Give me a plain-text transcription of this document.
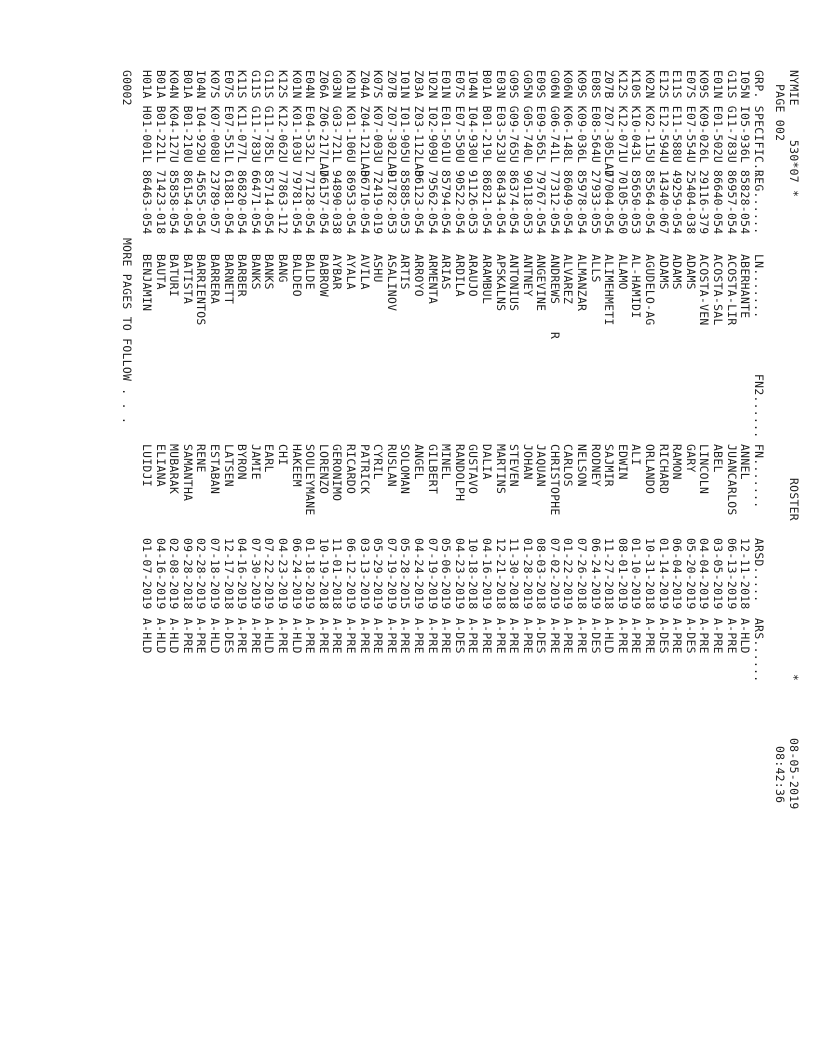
NYMIE

530*07 *

ROSTER

*

08-05-2019

PAGE 002

08:42:36

GRP. SPECIFIC..

REG......

LN.......

FN2......

FN.......

ARSD.....

ARS......

I05N I05-936L
85828-054
ABERHANTE
ANNEL
12-11-2018
A-HLD
G11S G11-783U
86957-054
ACOSTA-LIR
JUANCARLOS
06-13-2019
A-PRE
E01N E01-502U
86640-054
ACOSTA-SAL
ABEL
03-05-2019
A-PRE
K09S K09-026L
29116-379
ACOSTA-VEN
LINCOLN
04-04-2019
A-PRE
E07S E07-554U
25404-038
ADAMS
GARY
05-20-2019
A-DES
E11S E11-588U
49259-054
ADAMS
RAMON
06-04-2019
A-PRE
E12S E12-594U
14340-067
ADAMS
RICHARD
01-14-2019
A-DES
K02N K02-115U
85564-054
AGUDELO-AG
ORLANDO
10-31-2018
A-PRE
K10S K10-043L
85650-053
AL-HAMIDI
ALI
01-10-2019
A-PRE
K12S K12-071U
70105-050
ALAMO
EDWIN
08-01-2019
A-PRE
Z07B Z07-305LAD
77004-054
ALIMEHMETI
SAJMIR
11-27-2018
A-HLD
E08S E08-564U
27933-055
ALLS
RODNEY
06-24-2019
A-DES
K09S K09-036L
85978-054
ALMANZAR
NELSON
07-26-2018
A-PRE
K06N K06-148L
86049-054
ALVAREZ
CARLOS
01-22-2019
A-PRE
G06N G06-741L
77312-054
ANDREWS
CHRISTOPHE
07-02-2019
A-PRE
R
E09S E09-565L
79767-054
ANGEVINE
JAQUAN
08-03-2018
A-DES
G05N G05-740L
90118-053
ANTNEY
JOHAN
01-28-2019
A-PRE
G09S G09-765U
86374-054
ANTONIUS
STEVEN
11-30-2018
A-PRE
E03N E03-523U
86434-054
APSKALNS
MARTINS
12-21-2018
A-PRE
B01A B01-219L
86821-054
ARAMBUL
DALIA
04-16-2019
A-PRE
I04N I04-930U
91126-053
ARAUJO
GUSTAVO
10-18-2018
A-PRE
E07S E07-550U
90522-054
ARDILA
RANDOLPH
04-23-2019
A-DES
E01N E01-501U
85794-054
ARIAS
MINEL
05-06-2019
A-PRE
I02N I02-909U
79562-054
ARMENTA
GILBERT
07-19-2019
A-PRE
Z03A Z03-112LAD
86123-054
ARROYO
ANGEL
04-24-2019
A-PRE
I01N I01-905U
85885-053
ARTIS
SOLOMAN
05-28-2015
A-PRE
Z07B Z07-302LAD
91782-053
ASALINOV
RUSLAN
07-19-2019
A-PRE
K07S K07-003U
72419-019
ASHU
CYRIL
05-29-2019
A-PRE
Z04A Z04-121LAD
86710-054
AVILA
PATRICK
03-13-2019
A-PRE
K01N K01-106U
86953-054
AYALA
RICARDO
06-12-2019
A-PRE
G03N G03-721L
94890-038
AYBAR
GERONIMO
11-01-2018
A-PRE
Z06A Z06-217LAD
76157-054
BABROW
LORENZO
10-19-2018
A-PRE
E04N E04-532L
77128-054
BALDE
SOULEYMANE
01-18-2019
A-PRE
K01N K01-103U
79781-054
BALDEO
HAKEEM
06-24-2019
A-HLD
K12S K12-062U
77863-112
BANG
CHI
04-23-2019
A-PRE
G11S G11-785L
85714-054
BANKS
EARL
07-22-2019
A-HLD
G11S G11-783U
66471-054
BANKS
JAMIE
07-30-2019
A-PRE
K11S K11-077L
86820-054
BARBER
BYRON
04-16-2019
A-PRE
E07S E07-551L
61881-054
BARNETT
LATSEN
12-17-2018
A-DES
K07S K07-008U
23789-057
BARRERA
ESTABAN
07-18-2019
A-HLD
I04N I04-929U
45655-054
BARRIENTOS
RENE
02-28-2019
A-PRE
B01A B01-210U
86154-054
BATISTA
SAMANTHA
09-28-2018
A-PRE
K04N K04-127U
85858-054
BATURI
MUBARAK
02-08-2019
A-HLD
B01A B01-221L
71423-018
BAUTA
ELIANA
04-16-2019
A-HLD
H01A H01-001L
86463-054
BENJAMIN
LUIDJI
01-07-2019
A-HLD

G0002

MORE PAGES TO FOLLOW . . .
